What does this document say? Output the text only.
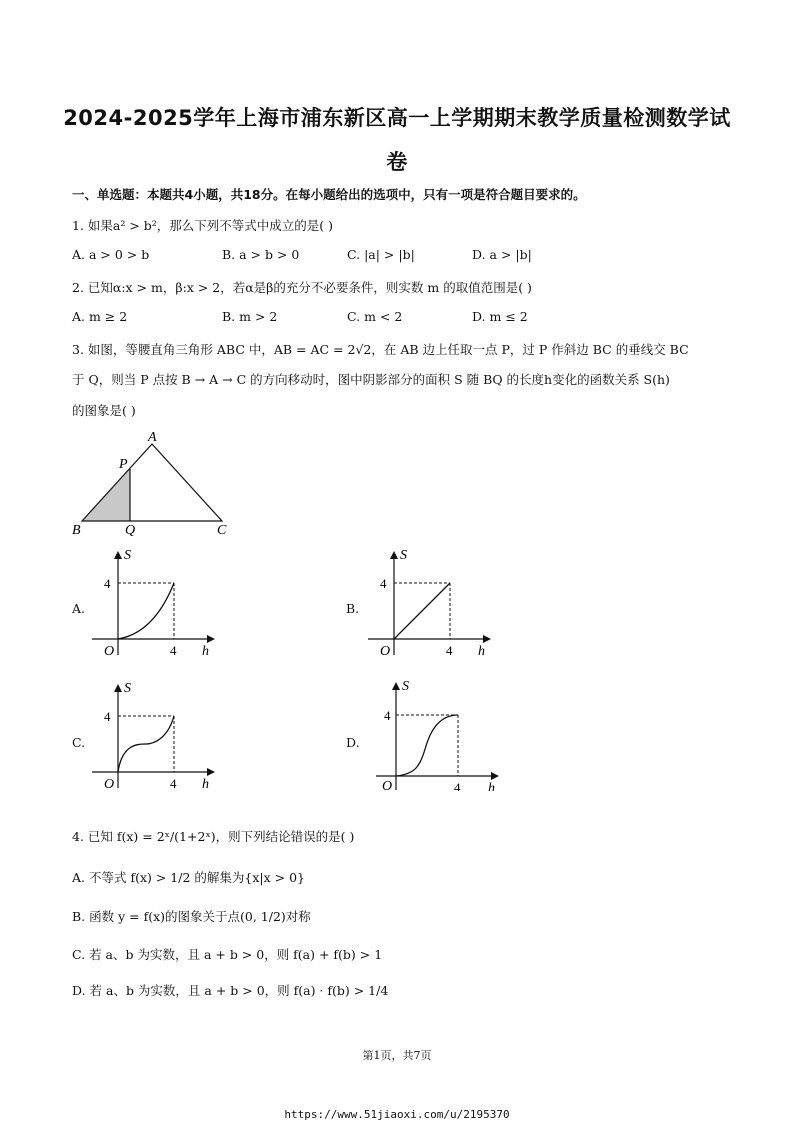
2024-2025学年上海市浦东新区高一上学期期末教学质量检测数学试
卷
一、单选题：本题共4小题，共18分。在每小题给出的选项中，只有一项是符合题目要求的。
1. 如果a² > b²，那么下列不等式中成立的是( )
A. a > 0 > b	B. a > b > 0	C. |a| > |b|	D. a > |b|
2. 已知α:x > m，β:x > 2，若α是β的充分不必要条件，则实数 m 的取值范围是( )
A. m ≥ 2	B. m > 2	C. m < 2	D. m ≤ 2
3. 如图，等腰直角三角形 ABC 中，AB = AC = 2√2，在 AB 边上任取一点 P，过 P 作斜边 BC 的垂线交 BC
于 Q，则当 P 点按 B → A → C 的方向移动时，图中阴影部分的面积 S 随 BQ 的长度h变化的函数关系 S(h)
的图象是( )
A
P
B	Q	C
A.
S
4
O	4 h
B.
S
4
O	4 h
C.
S
4
O	4 h
D.
S
4
O	4 h
4. 已知 f(x) = 2ˣ/(1+2ˣ)，则下列结论错误的是( )
A. 不等式 f(x) > 1/2 的解集为{x|x > 0}
B. 函数 y = f(x)的图象关于点(0, 1/2)对称
C. 若 a、b 为实数，且 a + b > 0，则 f(a) + f(b) > 1
D. 若 a、b 为实数，且 a + b > 0，则 f(a) · f(b) > 1/4
第1页，共7页
https://www.51jiaoxi.com/u/2195370
